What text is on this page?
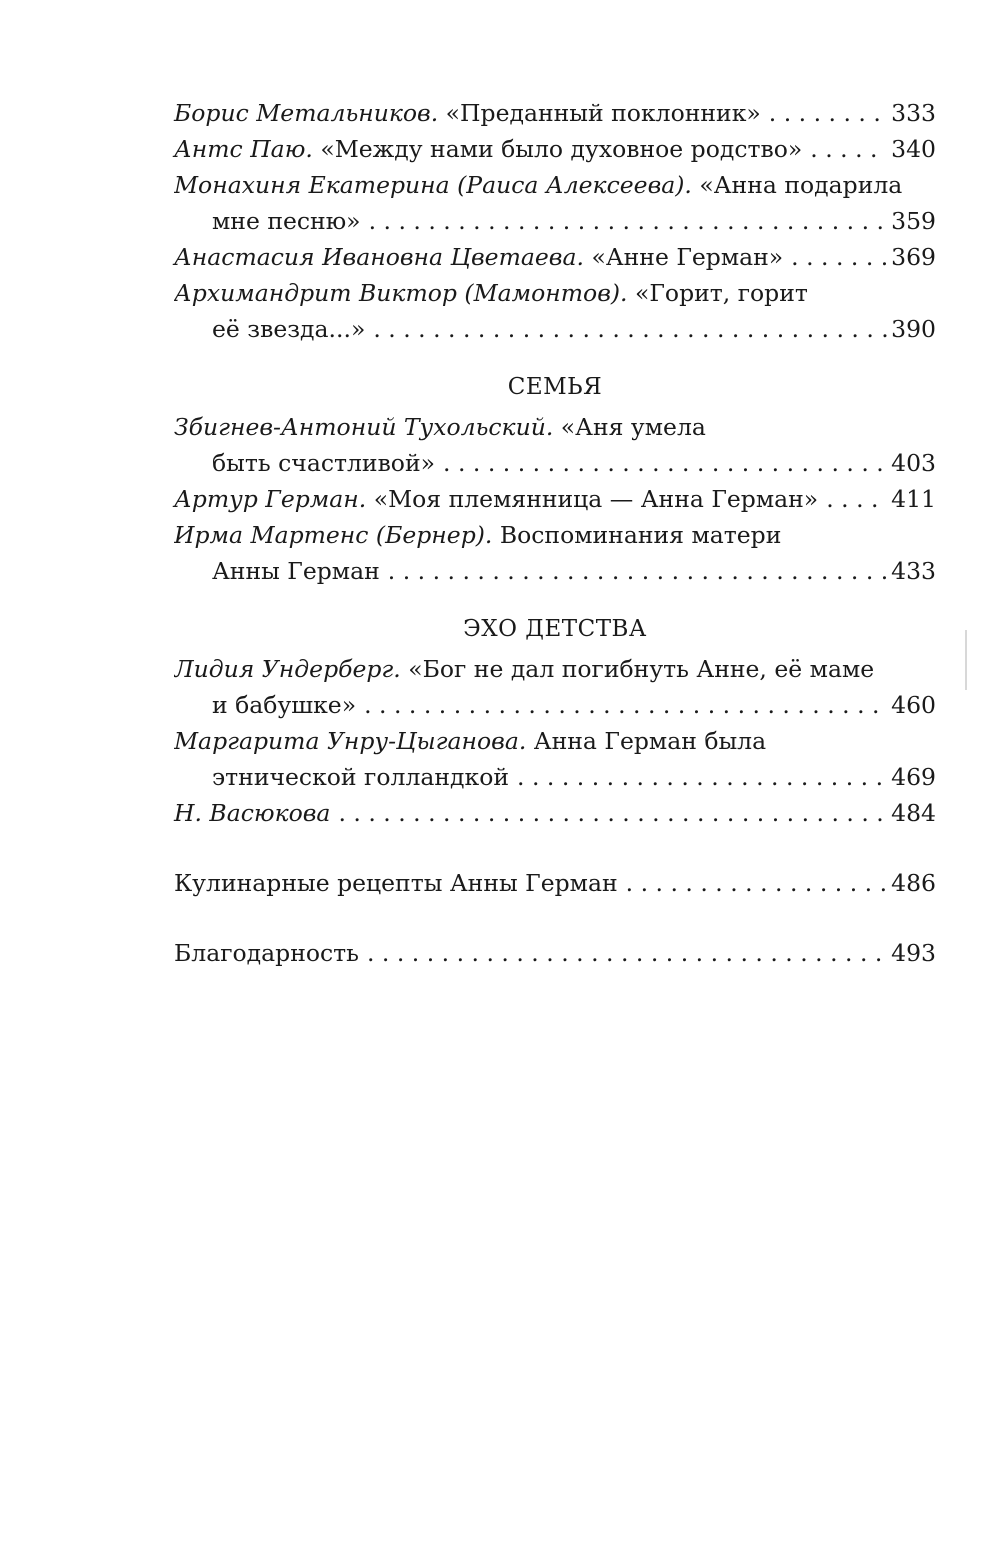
Борис Метальников. «Преданный поклонник» . . .	333
Антс Паю. «Между нами было духовное родство» . . .	340
Монахиня Екатерина (Раиса Алексеева). «Анна подарила
мне песню» . . .	359
Анастасия Ивановна Цветаева. «Анне Герман» . . .	369
Архимандрит Виктор (Мамонтов). «Горит, горит
её звезда...» . . .	390
СЕМЬЯ
Збигнев-Антоний Тухольский. «Аня умела
быть счастливой» . . .	403
Артур Герман. «Моя племянница — Анна Герман» . . .	411
Ирма Мартенс (Бернер). Воспоминания матери
Анны Герман . . .	433
ЭХО ДЕТСТВА
Лидия Ундерберг. «Бог не дал погибнуть Анне, её маме
и бабушке» . . .	460
Маргарита Унру-Цыганова. Анна Герман была
этнической голландкой . . .	469
Н. Васюкова . . .	484
Кулинарные рецепты Анны Герман . . .	486
Благодарность . . .	493
